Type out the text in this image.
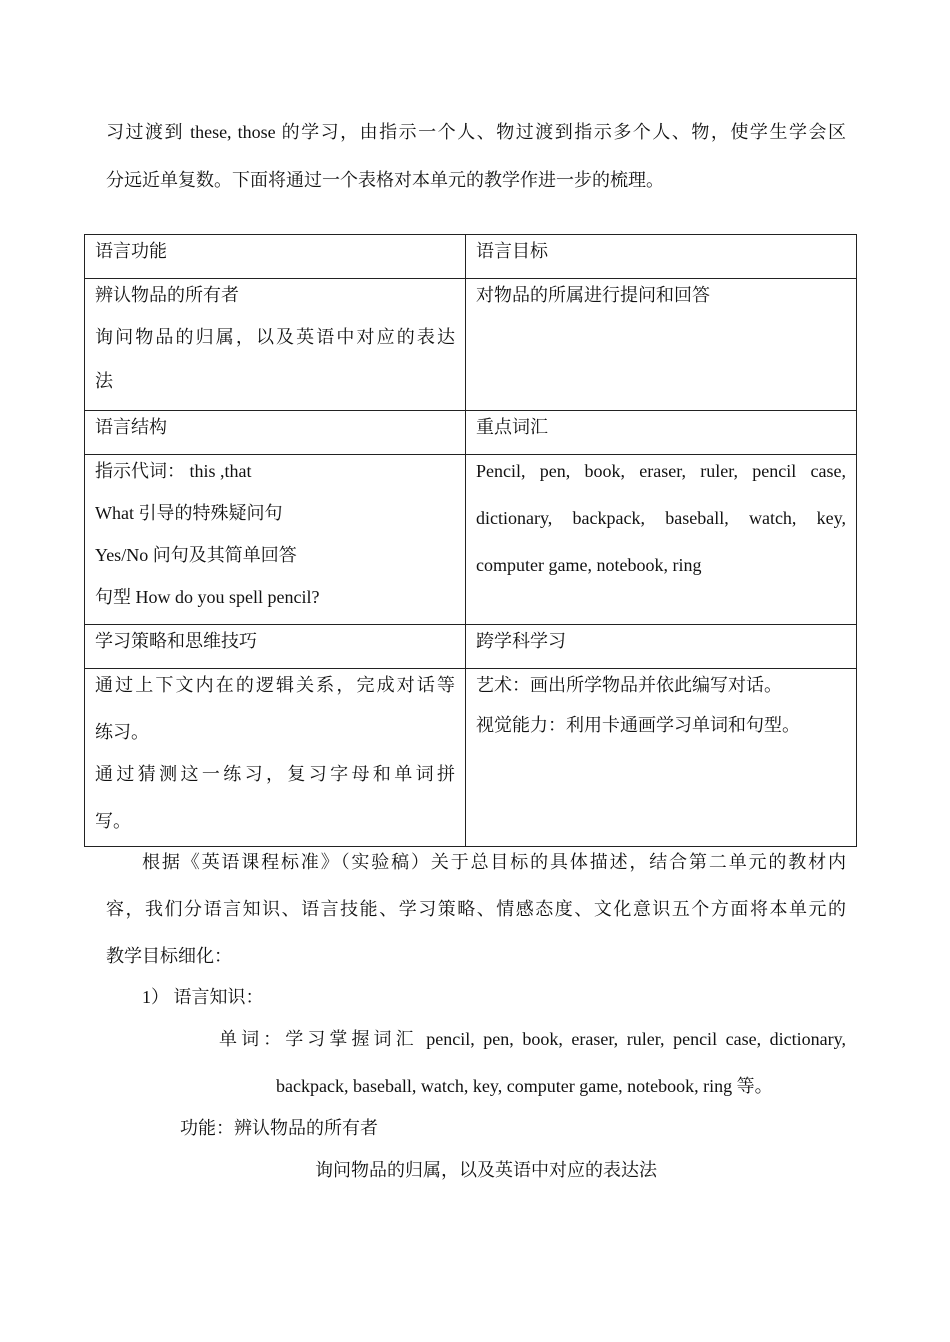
习过渡到 these, those 的学习，由指示一个人、物过渡到指示多个人、物，使学生学会区
分远近单复数。下面将通过一个表格对本单元的教学作进一步的梳理。
语言功能	语言目标

辨认物品的所有者
询问物品的归属，以及英语中对应的表达
法	对物品的所属进行提问和回答
语言结构	重点词汇

指示代词： this ,that
What 引导的特殊疑问句
Yes/No 问句及其简单回答
句型 How do you spell pencil?	Pencil, pen, book, eraser, ruler, pencil case,
dictionary, backpack, baseball, watch, key,
computer game, notebook, ring

学习策略和思维技巧	跨学科学习

通过上下文内在的逻辑关系，完成对话等
练习。
通过猜测这一练习，复习字母和单词拼
写。	艺术：画出所学物品并依此编写对话。
视觉能力：利用卡通画学习单词和句型。
根据《英语课程标准》（实验稿）关于总目标的具体描述，结合第二单元的教材内
容，我们分语言知识、语言技能、学习策略、情感态度、文化意识五个方面将本单元的
教学目标细化：
1） 语言知识：
单词：学习掌握词汇 pencil, pen, book, eraser, ruler, pencil case, dictionary,
backpack, baseball, watch, key, computer game, notebook, ring 等。
功能：辨认物品的所有者
询问物品的归属，以及英语中对应的表达法
